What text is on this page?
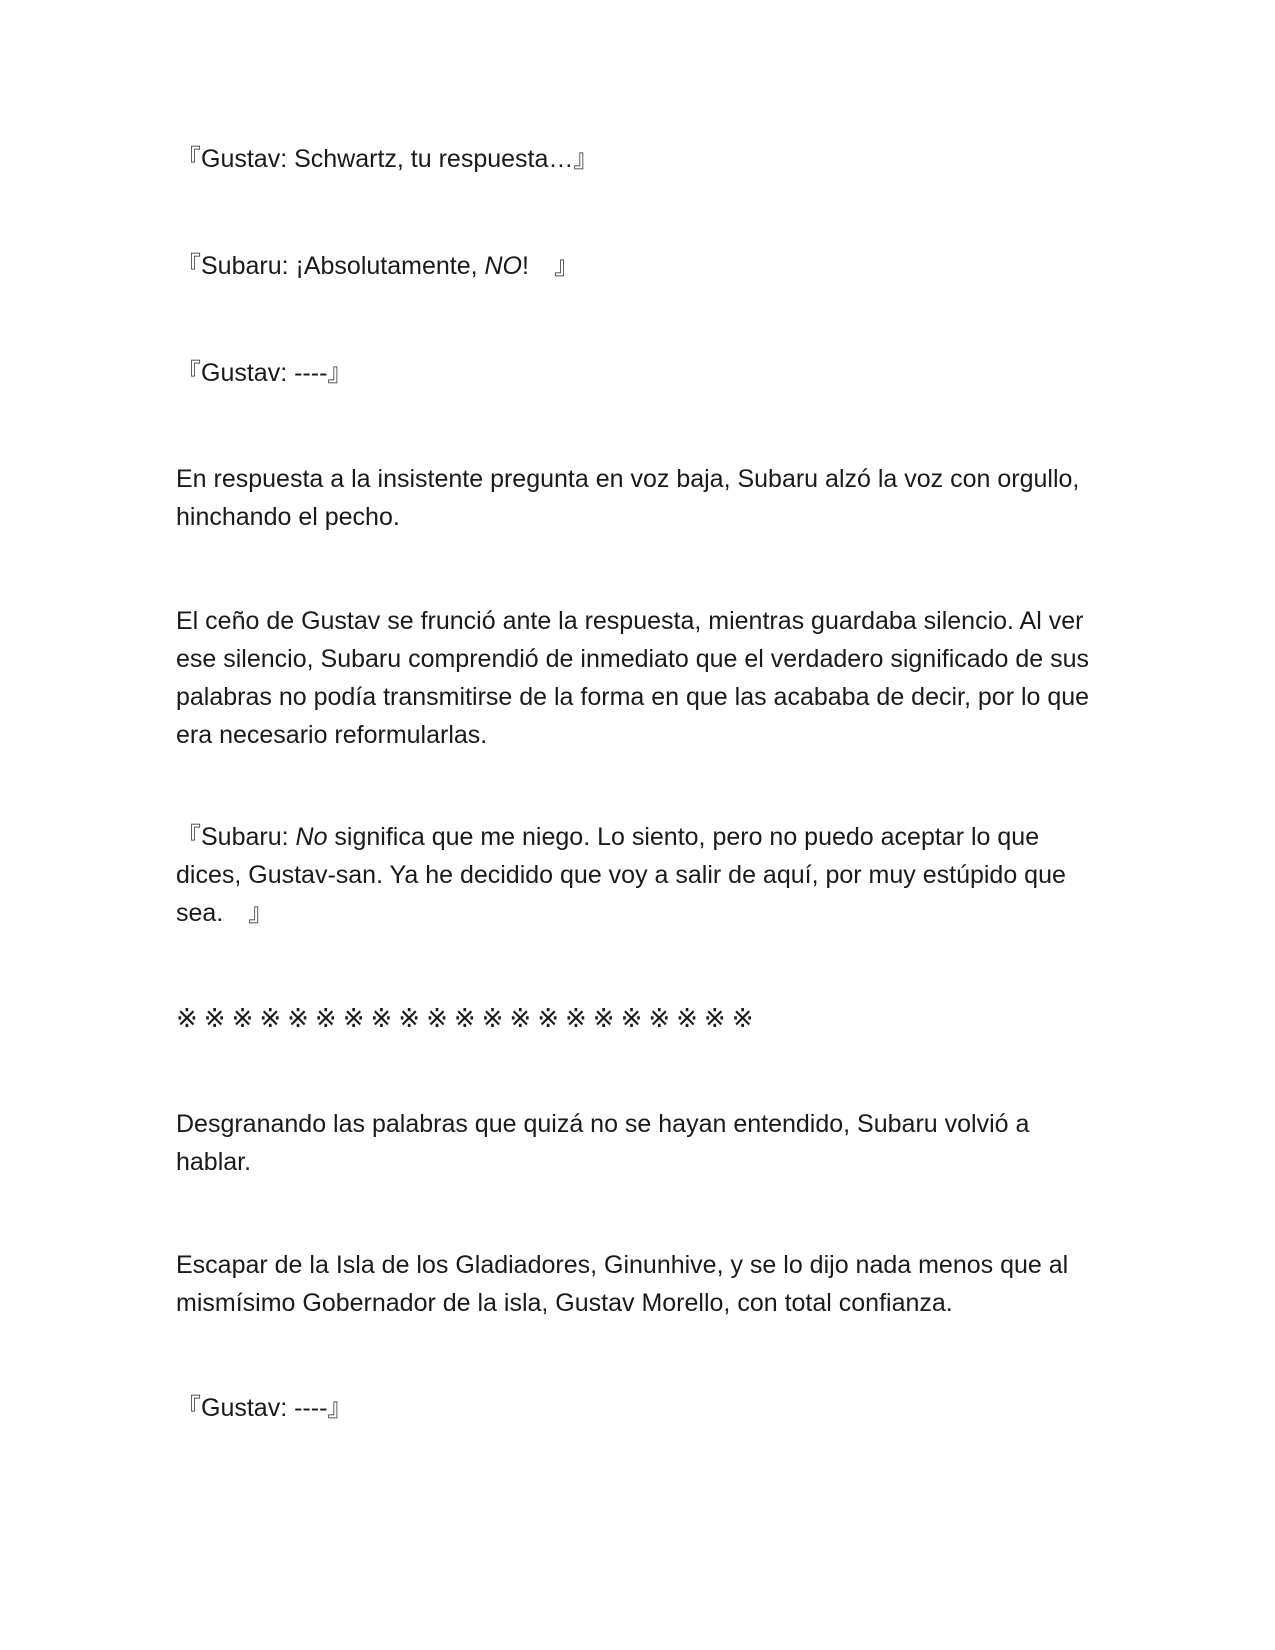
『Gustav: Schwartz, tu respuesta…』

『Subaru: ¡Absolutamente, NO!　』

『Gustav: ----』

En respuesta a la insistente pregunta en voz baja, Subaru alzó la voz con orgullo, hinchando el pecho.

El ceño de Gustav se frunció ante la respuesta, mientras guardaba silencio. Al ver ese silencio, Subaru comprendió de inmediato que el verdadero significado de sus palabras no podía transmitirse de la forma en que las acababa de decir, por lo que era necesario reformularlas.

『Subaru: No significa que me niego. Lo siento, pero no puedo aceptar lo que dices, Gustav-san. Ya he decidido que voy a salir de aquí, por muy estúpido que sea.　』

※※※※※※※※※※※※※※※※※※※※※

Desgranando las palabras que quizá no se hayan entendido, Subaru volvió a hablar.

Escapar de la Isla de los Gladiadores, Ginunhive, y se lo dijo nada menos que al mismísimo Gobernador de la isla, Gustav Morello, con total confianza.

『Gustav: ----』
